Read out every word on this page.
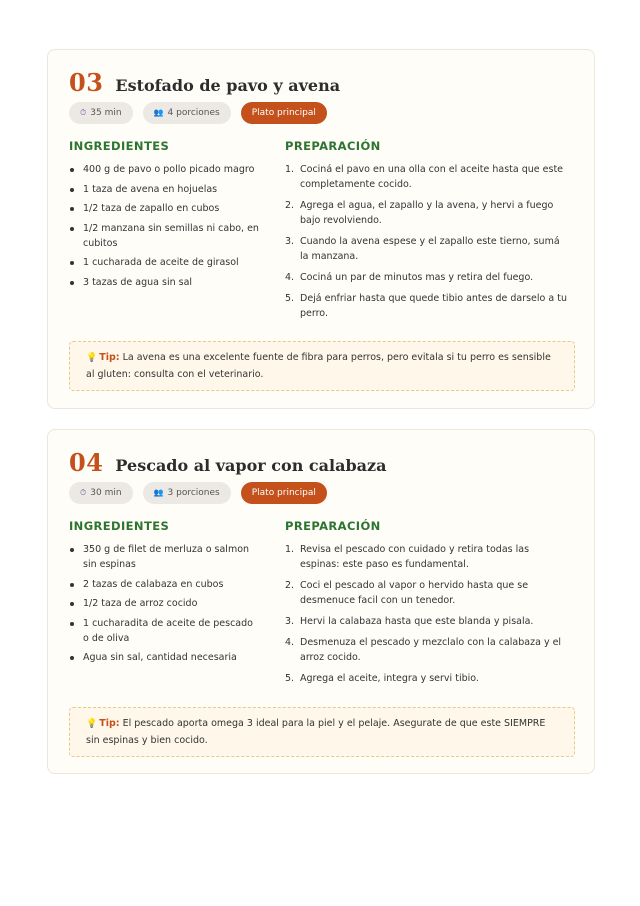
03 Estofado de pavo y avena
⏱ 35 min	👥 4 porciones	Plato principal
INGREDIENTES	PREPARACIÓN
400 g de pavo o pollo picado magro
1 taza de avena en hojuelas
1/2 taza de zapallo en cubos
1/2 manzana sin semillas ni cabo, en cubitos
1 cucharada de aceite de girasol
3 tazas de agua sin sal
1. Cociná el pavo en una olla con el aceite hasta que este completamente cocido.
2. Agrega el agua, el zapallo y la avena, y hervi a fuego bajo revolviendo.
3. Cuando la avena espese y el zapallo este tierno, sumá la manzana.
4. Cociná un par de minutos mas y retira del fuego.
5. Dejá enfriar hasta que quede tibio antes de darselo a tu perro.
💡 Tip: La avena es una excelente fuente de fibra para perros, pero evitala si tu perro es sensible al gluten: consulta con el veterinario.
04 Pescado al vapor con calabaza
⏱ 30 min	👥 3 porciones	Plato principal
INGREDIENTES	PREPARACIÓN
350 g de filet de merluza o salmon sin espinas
2 tazas de calabaza en cubos
1/2 taza de arroz cocido
1 cucharadita de aceite de pescado o de oliva
Agua sin sal, cantidad necesaria
1. Revisa el pescado con cuidado y retira todas las espinas: este paso es fundamental.
2. Coci el pescado al vapor o hervido hasta que se desmenuce facil con un tenedor.
3. Hervi la calabaza hasta que este blanda y pisala.
4. Desmenuza el pescado y mezclalo con la calabaza y el arroz cocido.
5. Agrega el aceite, integra y servi tibio.
💡 Tip: El pescado aporta omega 3 ideal para la piel y el pelaje. Asegurate de que este SIEMPRE sin espinas y bien cocido.
